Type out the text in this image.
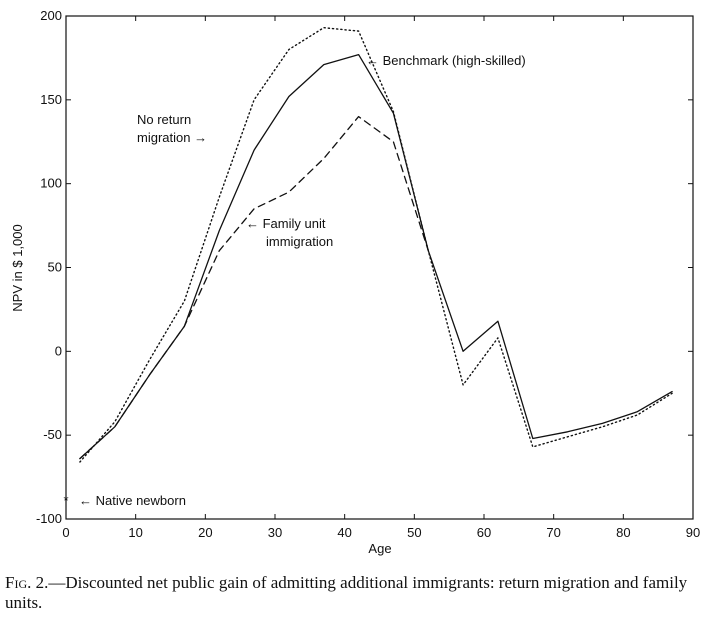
0	10	20	30	40	50	60	70	80	90
-100
-50
0
50
100
150
200
*
Age
NPV in $ 1,000
← Benchmark (high-skilled)
No return
migration →
← Family unit
immigration
← Native newborn
Fig. 2.—Discounted net public gain of admitting additional immigrants: return migration and family units.
